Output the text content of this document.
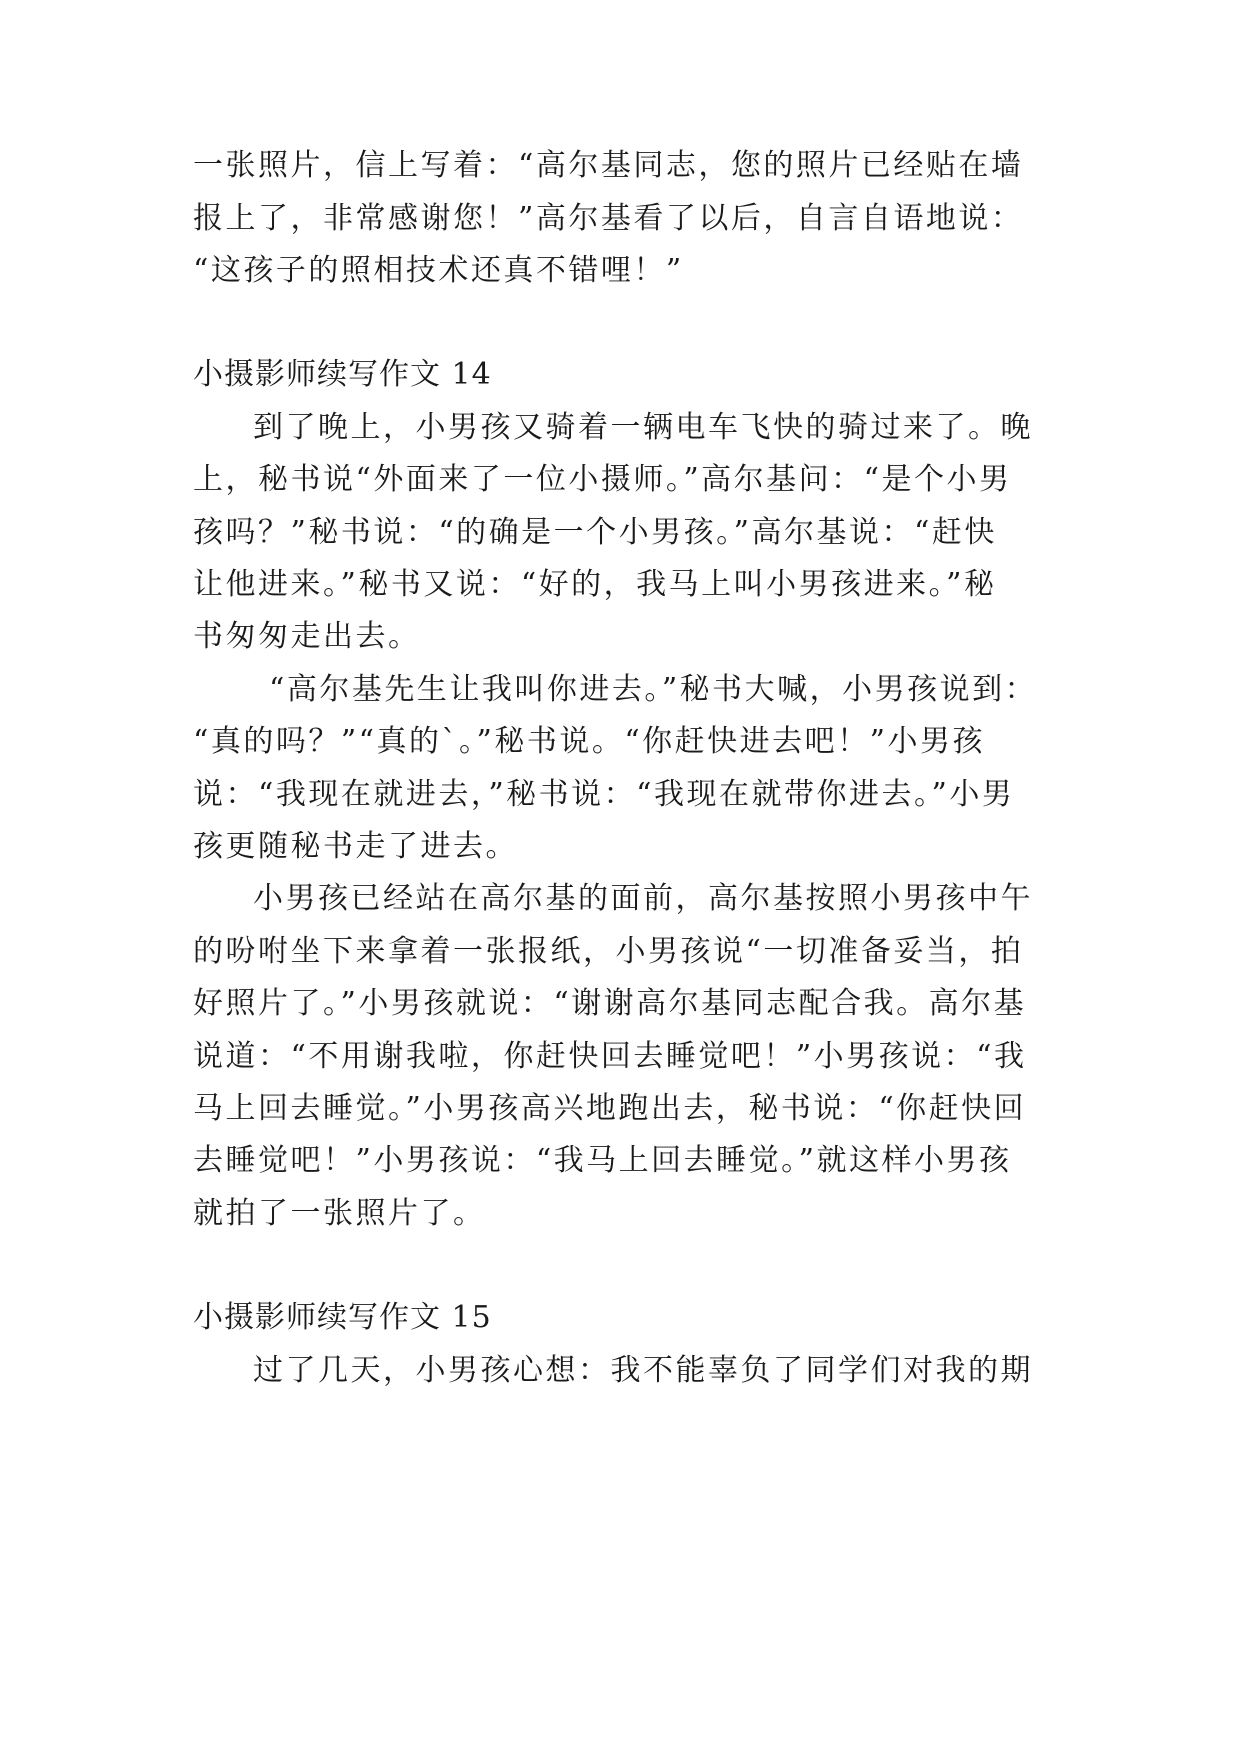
一张照片，信上写着：“高尔基同志，您的照片已经贴在墙
报上了，非常感谢您！”高尔基看了以后，自言自语地说：
“这孩子的照相技术还真不错哩！”
小摄影师续写作文 14
到了晚上，小男孩又骑着一辆电车飞快的骑过来了。晚
上，秘书说“外面来了一位小摄师。”高尔基问：“是个小男
孩吗？”秘书说：“的确是一个小男孩。”高尔基说：“赶快
让他进来。”秘书又说：“好的，我马上叫小男孩进来。”秘
书匆匆走出去。
“高尔基先生让我叫你进去。”秘书大喊，小男孩说到：
“真的吗？”“真的`。”秘书说。“你赶快进去吧！”小男孩
说：“我现在就进去，”秘书说：“我现在就带你进去。”小男
孩更随秘书走了进去。
小男孩已经站在高尔基的面前，高尔基按照小男孩中午
的吩咐坐下来拿着一张报纸，小男孩说“一切准备妥当，拍
好照片了。”小男孩就说：“谢谢高尔基同志配合我。高尔基
说道：“不用谢我啦，你赶快回去睡觉吧！”小男孩说：“我
马上回去睡觉。”小男孩高兴地跑出去，秘书说：“你赶快回
去睡觉吧！”小男孩说：“我马上回去睡觉。”就这样小男孩
就拍了一张照片了。
小摄影师续写作文 15
过了几天，小男孩心想：我不能辜负了同学们对我的期
